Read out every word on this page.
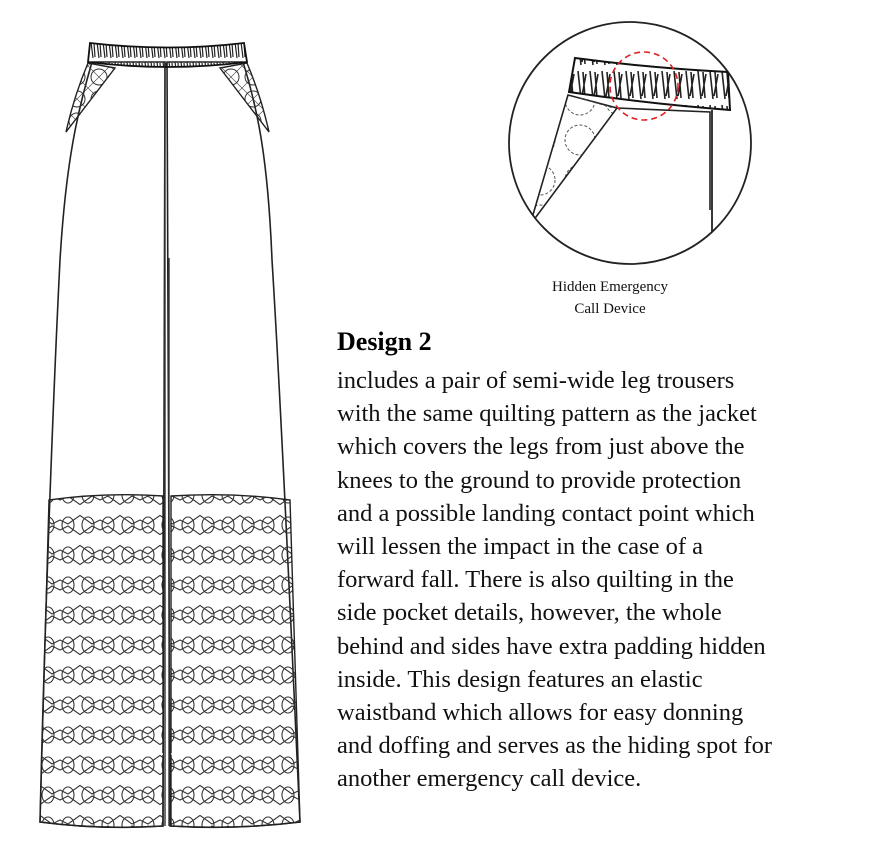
Hidden Emergency
Call Device
Design 2
includes a pair of semi-wide leg trousers
with the same quilting pattern as the jacket
which covers the legs from just above the
knees to the ground to provide protection
and a possible landing contact point which
will lessen the impact in the case of a
forward fall. There is also quilting in the
side pocket details, however, the whole
behind and sides have extra padding hidden
inside. This design features an elastic
waistband which allows for easy donning
and doffing and serves as the hiding spot for
another emergency call device.
